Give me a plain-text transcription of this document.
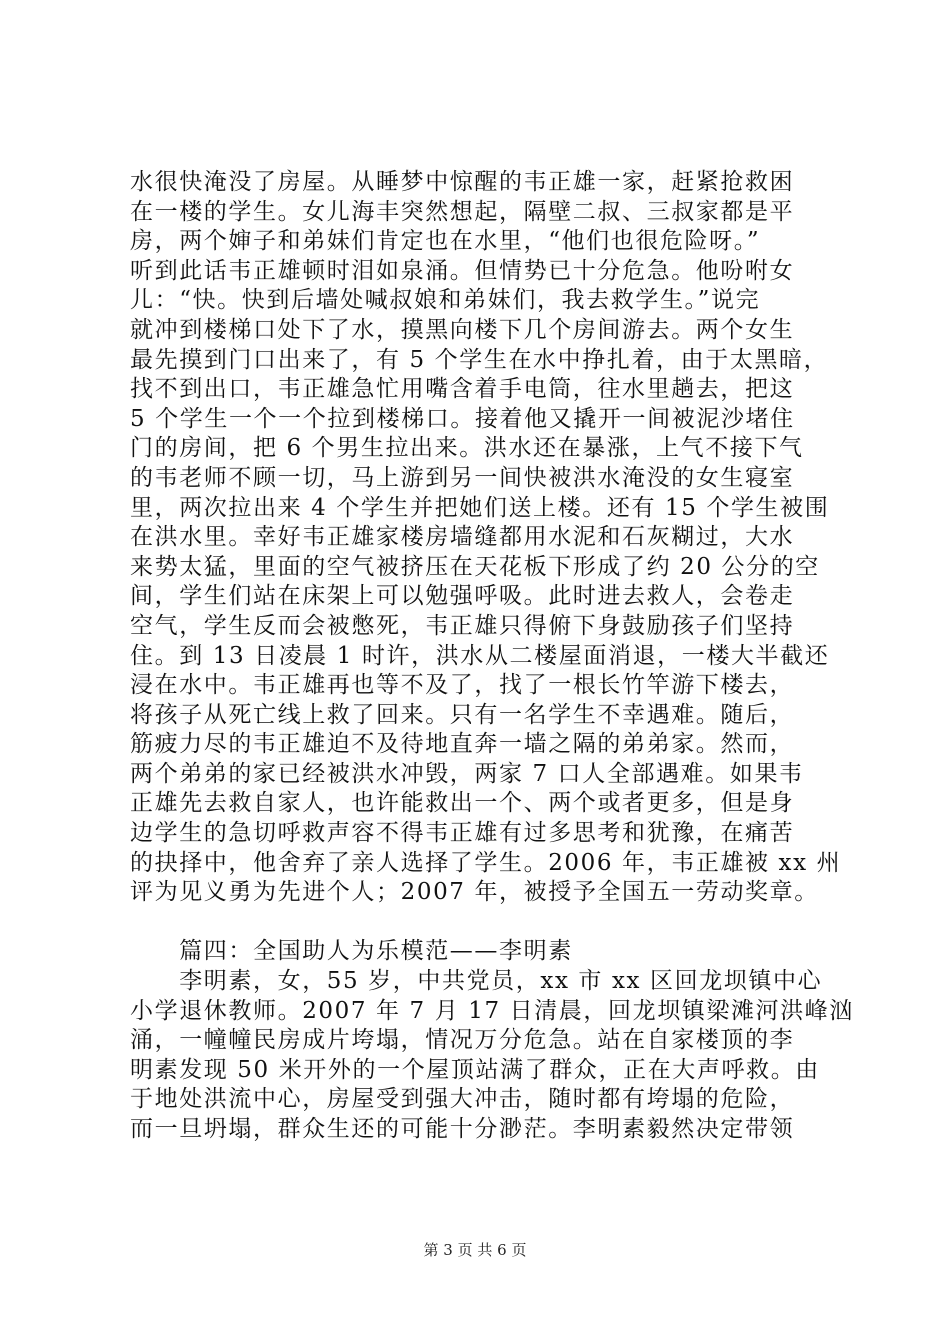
水很快淹没了房屋。从睡梦中惊醒的韦正雄一家，赶紧抢救困
在一楼的学生。女儿海丰突然想起，隔壁二叔、三叔家都是平
房，两个婶子和弟妹们肯定也在水里，“他们也很危险呀。”
听到此话韦正雄顿时泪如泉涌。但情势已十分危急。他吩咐女
儿：“快。快到后墙处喊叔娘和弟妹们，我去救学生。”说完
就冲到楼梯口处下了水，摸黑向楼下几个房间游去。两个女生
最先摸到门口出来了，有 5 个学生在水中挣扎着，由于太黑暗，
找不到出口，韦正雄急忙用嘴含着手电筒，往水里趟去，把这
5 个学生一个一个拉到楼梯口。接着他又撬开一间被泥沙堵住
门的房间，把 6 个男生拉出来。洪水还在暴涨，上气不接下气
的韦老师不顾一切，马上游到另一间快被洪水淹没的女生寝室
里，两次拉出来 4 个学生并把她们送上楼。还有 15 个学生被围
在洪水里。幸好韦正雄家楼房墙缝都用水泥和石灰糊过，大水
来势太猛，里面的空气被挤压在天花板下形成了约 20 公分的空
间，学生们站在床架上可以勉强呼吸。此时进去救人，会卷走
空气，学生反而会被憋死，韦正雄只得俯下身鼓励孩子们坚持
住。到 13 日凌晨 1 时许，洪水从二楼屋面消退，一楼大半截还
浸在水中。韦正雄再也等不及了，找了一根长竹竿游下楼去，
将孩子从死亡线上救了回来。只有一名学生不幸遇难。随后，
筋疲力尽的韦正雄迫不及待地直奔一墙之隔的弟弟家。然而，
两个弟弟的家已经被洪水冲毁，两家 7 口人全部遇难。如果韦
正雄先去救自家人，也许能救出一个、两个或者更多，但是身
边学生的急切呼救声容不得韦正雄有过多思考和犹豫，在痛苦
的抉择中，他舍弃了亲人选择了学生。2006 年，韦正雄被 xx 州
评为见义勇为先进个人；2007 年，被授予全国五一劳动奖章。
　　篇四：全国助人为乐模范——李明素
　　李明素，女，55 岁，中共党员，xx 市 xx 区回龙坝镇中心
小学退休教师。2007 年 7 月 17 日清晨，回龙坝镇梁滩河洪峰汹
涌，一幢幢民房成片垮塌，情况万分危急。站在自家楼顶的李
明素发现 50 米开外的一个屋顶站满了群众，正在大声呼救。由
于地处洪流中心，房屋受到强大冲击，随时都有垮塌的危险，
而一旦坍塌，群众生还的可能十分渺茫。李明素毅然决定带领
第 3 页 共 6 页
